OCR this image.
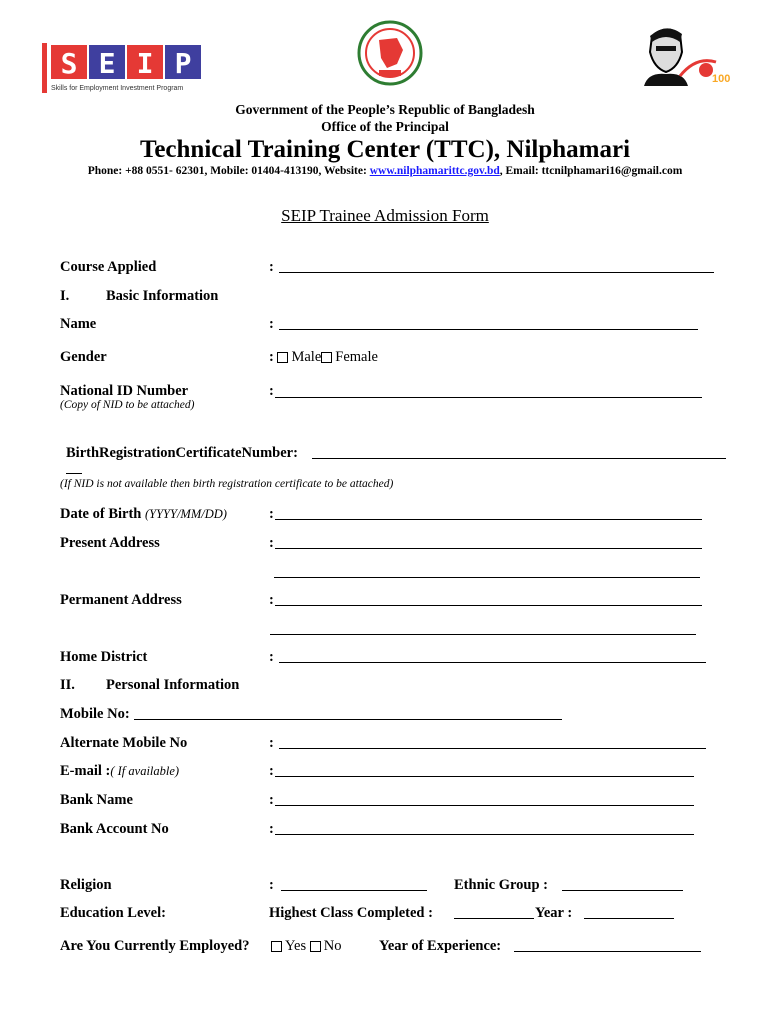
S E I P
Skills for Employment Investment Program
100
Government of the People’s Republic of Bangladesh
Office of the Principal
Technical Training Center (TTC), Nilphamari
Phone: +88 0551- 62301, Mobile: 01404-413190, Website: www.nilphamarittc.gov.bd, Email: ttcnilphamari16@gmail.com
SEIP Trainee Admission Form
Course Applied	:
I.	Basic Information
Name	:
Gender	: Male Female
National ID Number	:
(Copy of NID to be attached)
BirthRegistrationCertificateNumber:
(If NID is not available then birth registration certificate to be attached)
Date of Birth (YYYY/MM/DD)	:
Present Address	:
Permanent Address	:
Home District	:
II. Personal Information
Mobile No:
Alternate Mobile No	:
E-mail :( If available)	:
Bank Name	:
Bank Account No	:
Religion	:	Ethnic Group :
Education Level:	Highest Class Completed :	Year :
Are You Currently Employed?	Yes No	Year of Experience:
